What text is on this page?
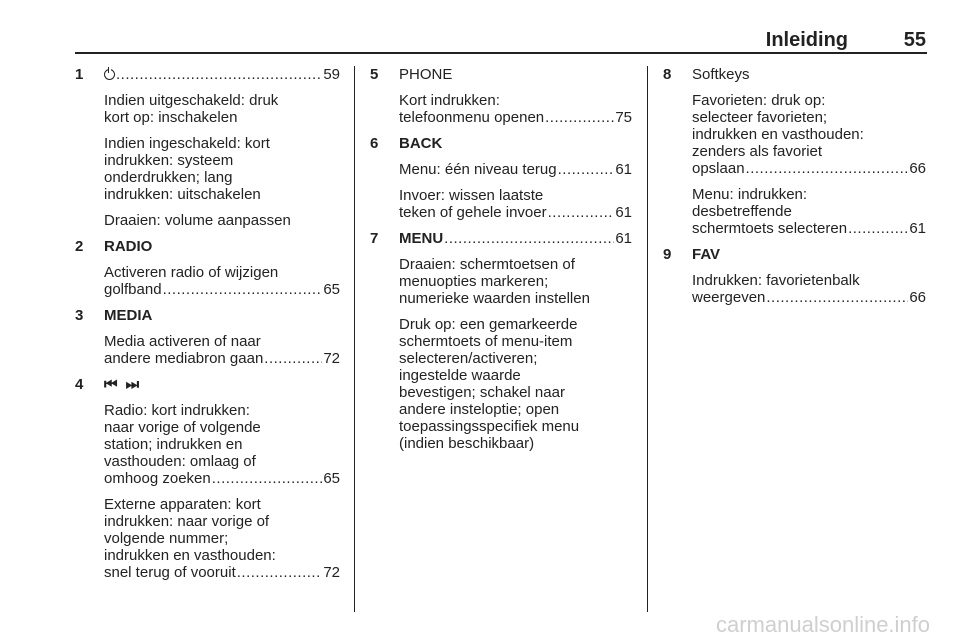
Inleiding	55
1 .....	59
Indien uitgeschakeld: druk
kort op: inschakelen
Indien ingeschakeld: kort
indrukken: systeem
onderdrukken; lang
indrukken: uitschakelen
Draaien: volume aanpassen
2 RADIO
Activeren radio of wijzigen
golfband .....	65
3 MEDIA
Media activeren of naar
andere mediabron gaan .....	72
4 ⏮ ⏭
Radio: kort indrukken:
naar vorige of volgende
station; indrukken en
vasthouden: omlaag of
omhoog zoeken .....	65
Externe apparaten: kort
indrukken: naar vorige of
volgende nummer;
indrukken en vasthouden:
snel terug of vooruit .....	72
5 PHONE
Kort indrukken:
telefoonmenu openen .....	75
6 BACK
Menu: één niveau terug .....	61
Invoer: wissen laatste
teken of gehele invoer .....	61
7 MENU .....	61
Draaien: schermtoetsen of
menuopties markeren;
numerieke waarden instellen
Druk op: een gemarkeerde
schermtoets of menu-item
selecteren/activeren;
ingestelde waarde
bevestigen; schakel naar
andere insteloptie; open
toepassingsspecifiek menu
(indien beschikbaar)
8 Softkeys
Favorieten: druk op:
selecteer favorieten;
indrukken en vasthouden:
zenders als favoriet
opslaan .....	66
Menu: indrukken:
desbetreffende
schermtoets selecteren .....	61
9 FAV
Indrukken: favorietenbalk
weergeven .....	66
carmanualsonline.info
